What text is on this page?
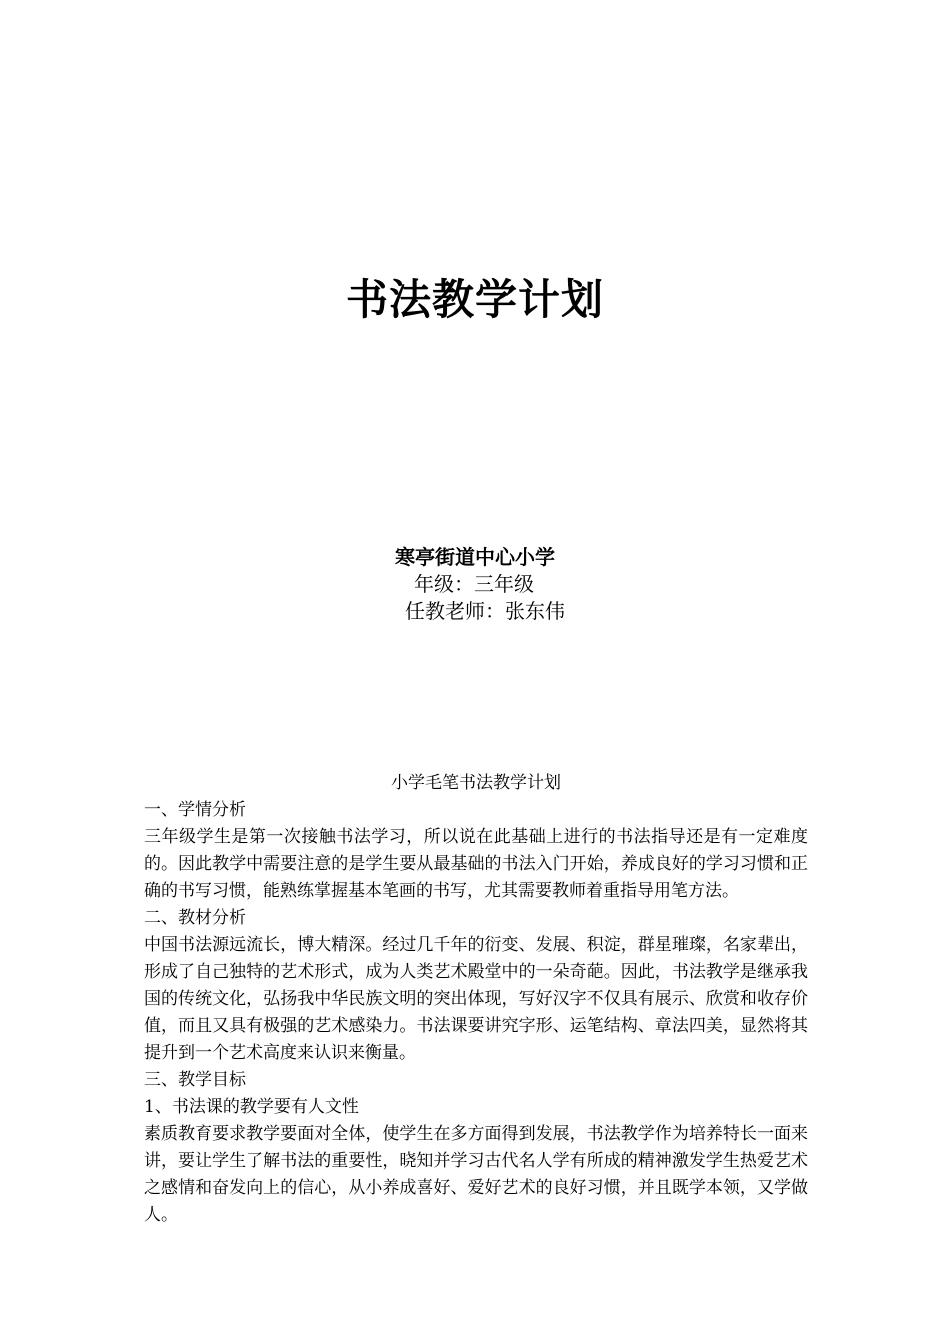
书法教学计划
寒亭街道中心小学
年级：三年级
任教老师：张东伟
小学毛笔书法教学计划

一、学情分析

三年级学生是第一次接触书法学习，所以说在此基础上进行的书法指导还是有一定难度的。因此教学中需要注意的是学生要从最基础的书法入门开始，养成良好的学习习惯和正确的书写习惯，能熟练掌握基本笔画的书写，尤其需要教师着重指导用笔方法。

二、教材分析

中国书法源远流长，博大精深。经过几千年的衍变、发展、积淀，群星璀璨，名家辈出，形成了自己独特的艺术形式，成为人类艺术殿堂中的一朵奇葩。因此，书法教学是继承我国的传统文化，弘扬我中华民族文明的突出体现，写好汉字不仅具有展示、欣赏和收存价值，而且又具有极强的艺术感染力。书法课要讲究字形、运笔结构、章法四美，显然将其提升到一个艺术高度来认识来衡量。

三、教学目标

1、书法课的教学要有人文性

素质教育要求教学要面对全体，使学生在多方面得到发展，书法教学作为培养特长一面来讲，要让学生了解书法的重要性，晓知并学习古代名人学有所成的精神激发学生热爱艺术之感情和奋发向上的信心，从小养成喜好、爱好艺术的良好习惯，并且既学本领，又学做人。
